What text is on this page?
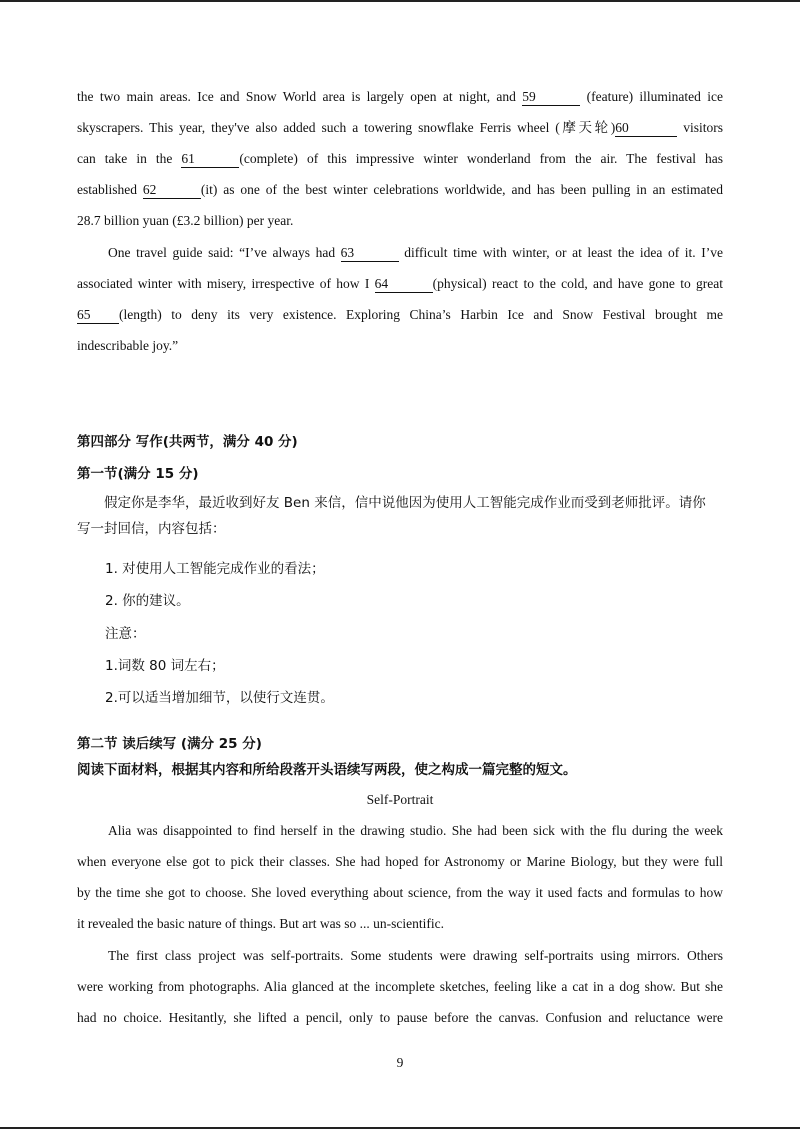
the two main areas. Ice and Snow World area is largely open at night, and 59	(feature) illuminated ice

skyscrapers. This year, they've also added such a towering snowflake Ferris wheel (摩天轮)60	visitors

can take in the 61	(complete) of this impressive winter wonderland from the air. The festival has

established 62	(it) as one of the best winter celebrations worldwide, and has been pulling in an estimated

28.7 billion yuan (£3.2 billion) per year.

One travel guide said: “I’ve always had 63	difficult time with winter, or at least the idea of it. I’ve

associated winter with misery, irrespective of how I 64	(physical) react to the cold, and have gone to great

65 (length) to deny its very existence. Exploring China’s Harbin Ice and Snow Festival brought me

indescribable joy.”

第四部分 写作(共两节，满分 40 分)
第一节(满分 15 分)

假定你是李华，最近收到好友 Ben 来信，信中说他因为使用人工智能完成作业而受到老师批评。请你

写一封回信，内容包括：

1. 对使用人工智能完成作业的看法；
2. 你的建议。
注意：
1.词数 80 词左右；
2.可以适当增加细节，以使行文连贯。
第二节 读后续写 (满分 25 分)
阅读下面材料，根据其内容和所给段落开头语续写两段，使之构成一篇完整的短文。
Self-Portrait

Alia was disappointed to find herself in the drawing studio. She had been sick with the flu during the week

when everyone else got to pick their classes. She had hoped for Astronomy or Marine Biology, but they were full

by the time she got to choose. She loved everything about science, from the way it used facts and formulas to how

it revealed the basic nature of things. But art was so ... un-scientific.

The first class project was self-portraits. Some students were drawing self-portraits using mirrors. Others

were working from photographs. Alia glanced at the incomplete sketches, feeling like a cat in a dog show. But she

had no choice. Hesitantly, she lifted a pencil, only to pause before the canvas. Confusion and reluctance were

9
